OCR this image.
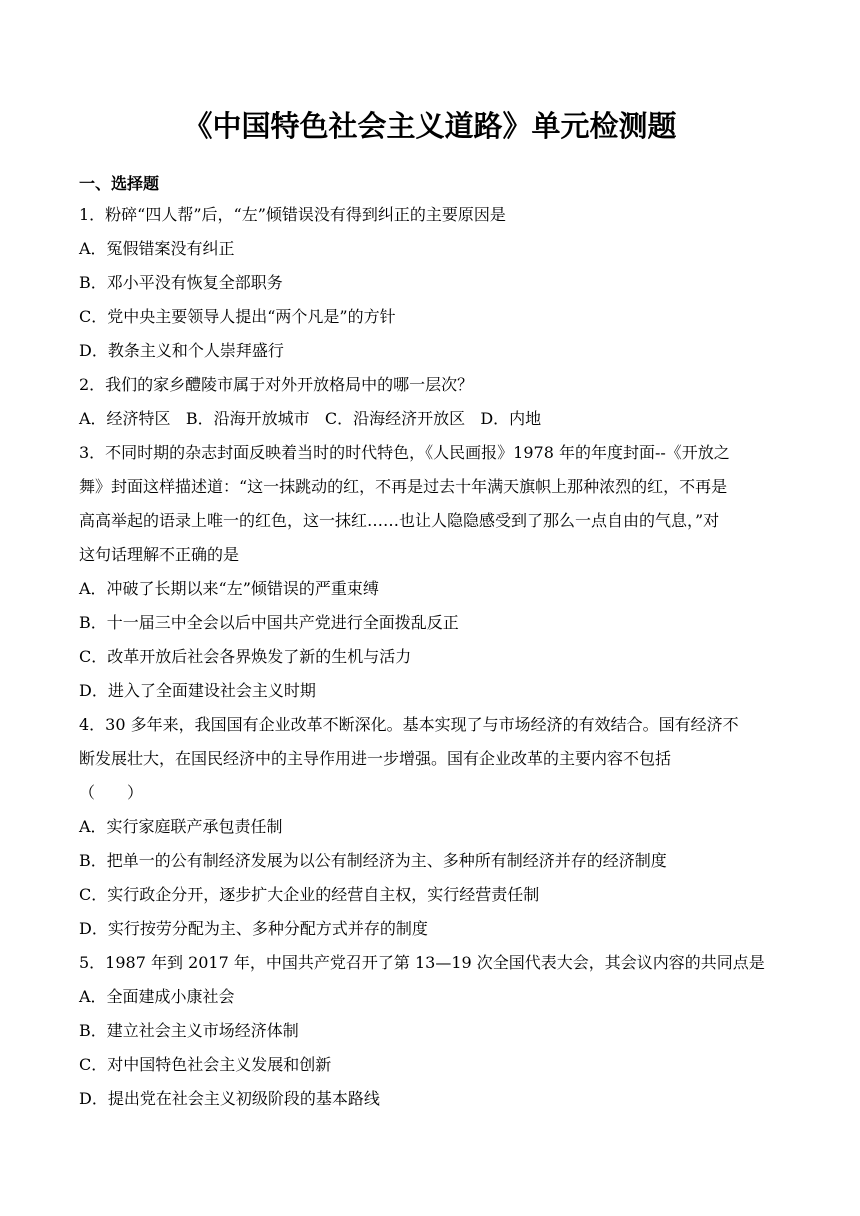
《中国特色社会主义道路》单元检测题
一、选择题
1．粉碎“四人帮”后，“左”倾错误没有得到纠正的主要原因是
A．冤假错案没有纠正
B．邓小平没有恢复全部职务
C．党中央主要领导人提出“两个凡是”的方针
D．教条主义和个人崇拜盛行
2．我们的家乡醴陵市属于对外开放格局中的哪一层次？
A．经济特区   B．沿海开放城市   C．沿海经济开放区   D．内地
3．不同时期的杂志封面反映着当时的时代特色，《人民画报》1978 年的年度封面--《开放之
舞》封面这样描述道：“这一抹跳动的红，不再是过去十年满天旗帜上那种浓烈的红，不再是
高高举起的语录上唯一的红色，这一抹红……也让人隐隐感受到了那么一点自由的气息，”对
这句话理解不正确的是
A．冲破了长期以来“左”倾错误的严重束缚
B．十一届三中全会以后中国共产党进行全面拨乱反正
C．改革开放后社会各界焕发了新的生机与活力
D．进入了全面建设社会主义时期
4．30 多年来，我国国有企业改革不断深化。基本实现了与市场经济的有效结合。国有经济不
断发展壮大，在国民经济中的主导作用进一步增强。国有企业改革的主要内容不包括
（　　）
A．实行家庭联产承包责任制
B．把单一的公有制经济发展为以公有制经济为主、多种所有制经济并存的经济制度
C．实行政企分开，逐步扩大企业的经营自主权，实行经营责任制
D．实行按劳分配为主、多种分配方式并存的制度
5．1987 年到 2017 年，中国共产党召开了第 13—19 次全国代表大会，其会议内容的共同点是
A．全面建成小康社会
B．建立社会主义市场经济体制
C．对中国特色社会主义发展和创新
D．提出党在社会主义初级阶段的基本路线
